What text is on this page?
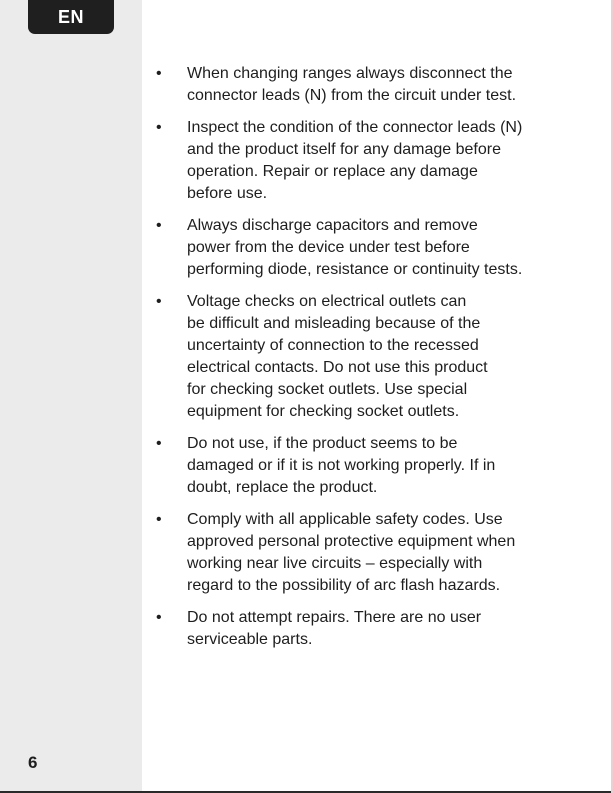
EN
6
• When changing ranges always disconnect the
connector leads (N) from the circuit under test.
• Inspect the condition of the connector leads (N)
and the product itself for any damage before
operation. Repair or replace any damage
before use.
• Always discharge capacitors and remove
power from the device under test before
performing diode, resistance or continuity tests.
• Voltage checks on electrical outlets can
be difficult and misleading because of the
uncertainty of connection to the recessed
electrical contacts. Do not use this product
for checking socket outlets. Use special
equipment for checking socket outlets.
• Do not use, if the product seems to be
damaged or if it is not working properly. If in
doubt, replace the product.
• Comply with all applicable safety codes. Use
approved personal protective equipment when
working near live circuits – especially with
regard to the possibility of arc flash hazards.
• Do not attempt repairs. There are no user
serviceable parts.
